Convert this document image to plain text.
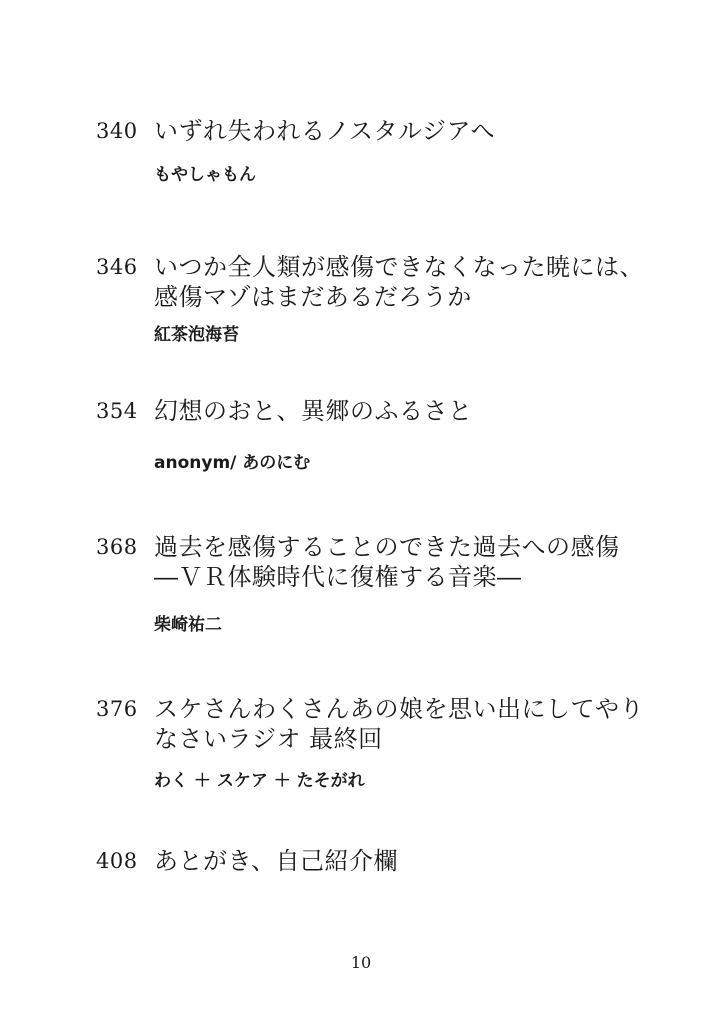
340 いずれ失われるノスタルジアへ
もやしゃもん
346 いつか全人類が感傷できなくなった暁には、
感傷マゾはまだあるだろうか
紅茶泡海苔
354 幻想のおと、異郷のふるさと
anonym/ あのにむ
368 過去を感傷することのできた過去への感傷
―ＶＲ体験時代に復権する音楽―
柴崎祐二
376 スケさんわくさんあの娘を思い出にしてやり
なさいラジオ 最終回
わく ＋ スケア ＋ たそがれ
408 あとがき、自己紹介欄
10
